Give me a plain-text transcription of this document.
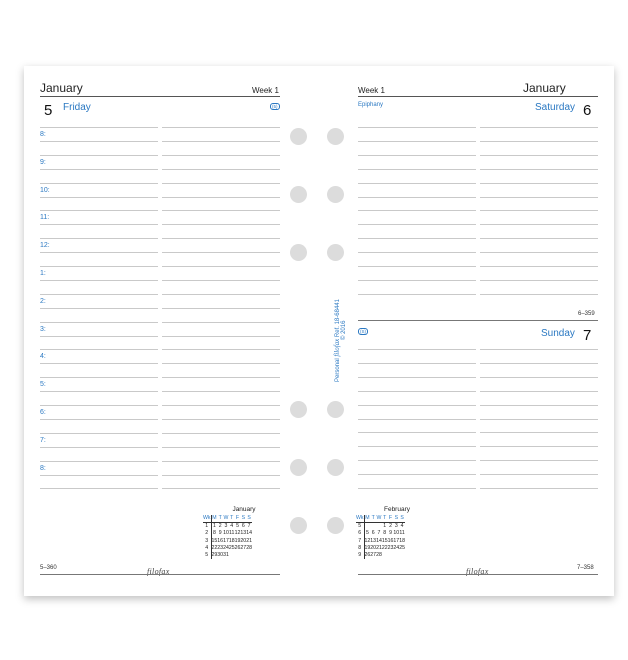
January	Week 1
5 Friday	(5)
8:
9:
10:
11:
12:
1:
2:
3:
4:
5:
6:
7:
8:
January
Wk	M	T	W	T	F	S	S
1	1	2	3	4	5	6	7
2	8	9	10	11	12	13	14
3	15	16	17	18	19	20	21
4	22	23	24	25	26	27	28
5	29	30	31				
5–360	filofax
Week 1	January
Epiphany	Saturday 6
6–359
(S)	Sunday 7
February
Wk	M	T	W	T	F	S	S
5				1	2	3	4
6	5	6	7	8	9	10	11
7	12	13	14	15	16	17	18
8	19	20	21	22	23	24	25
9	26	27	28				
filofax	7–358
Personal filofax Ref. 18-68441 © 2016
